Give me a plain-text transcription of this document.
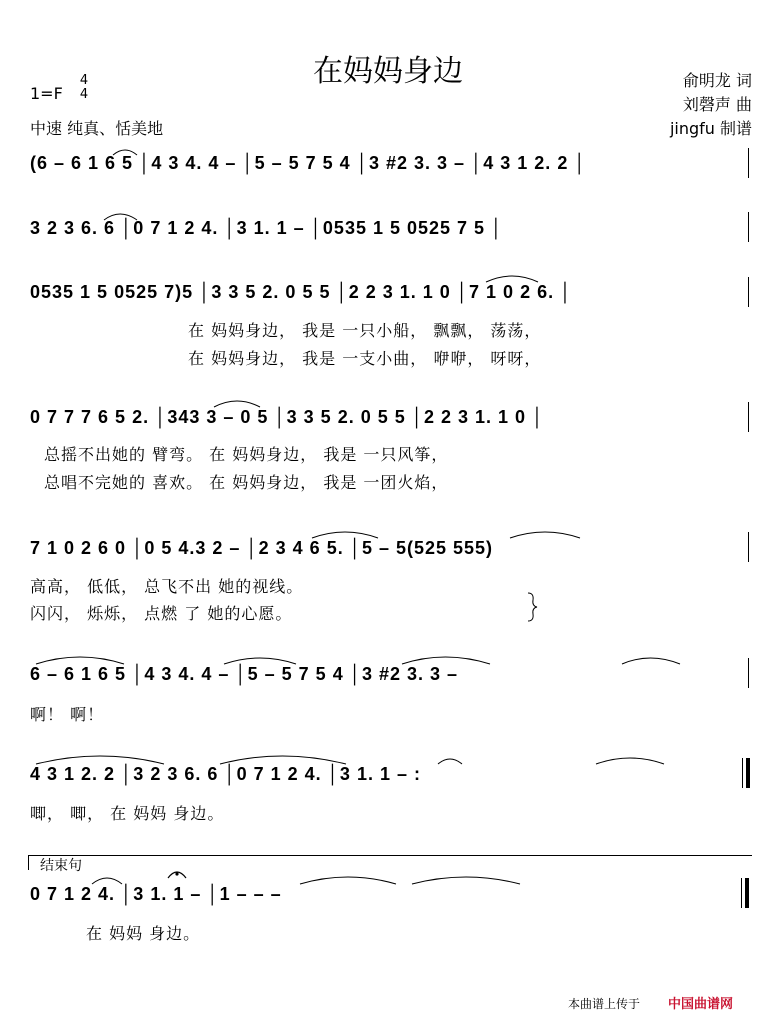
在妈妈身边
1=F
4
4
中速 纯真、恬美地
俞明龙 词
刘磬声 曲
jingfu 制谱
(6 – 6 1 6 5 │4 3 4. 4 – │5 – 5 7 5 4 │3 #2 3. 3 – │4 3 1 2. 2 │
3 2 3 6. 6 │0 7 1 2 4. │3 1. 1 – │0535 1 5 0525 7 5 │
0535 1 5 0525 7)5 │3 3 5 2. 0 5 5 │2 2 3 1. 1 0 │7 1 0 2 6. │
在 妈妈身边， 我是 一只小船， 飘飘， 荡荡，
在 妈妈身边， 我是 一支小曲， 咿咿， 呀呀，
0 7 7 7 6 5 2. │343 3 – 0 5 │3 3 5 2. 0 5 5 │2 2 3 1. 1 0 │
总摇不出她的 臂弯。 在 妈妈身边， 我是 一只风筝，
总唱不完她的 喜欢。 在 妈妈身边， 我是 一团火焰，
7 1 0 2 6 0 │0 5 4.3 2 – │2 3 4 6 5. │5 – 5(525 555)
高高， 低低， 总飞不出 她的视线。
闪闪， 烁烁， 点燃 了 她的心愿。
6 – 6 1 6 5 │4 3 4. 4 – │5 – 5 7 5 4 │3 #2 3. 3 –
啊！ 啊！
4 3 1 2. 2 │3 2 3 6. 6 │0 7 1 2 4. │3 1. 1 – :
唧， 唧， 在 妈妈 身边。
结束句
0 7 1 2 4. │3 1. 1 – │1 – – –
在 妈妈 身边。
本曲谱上传于 中国曲谱网
